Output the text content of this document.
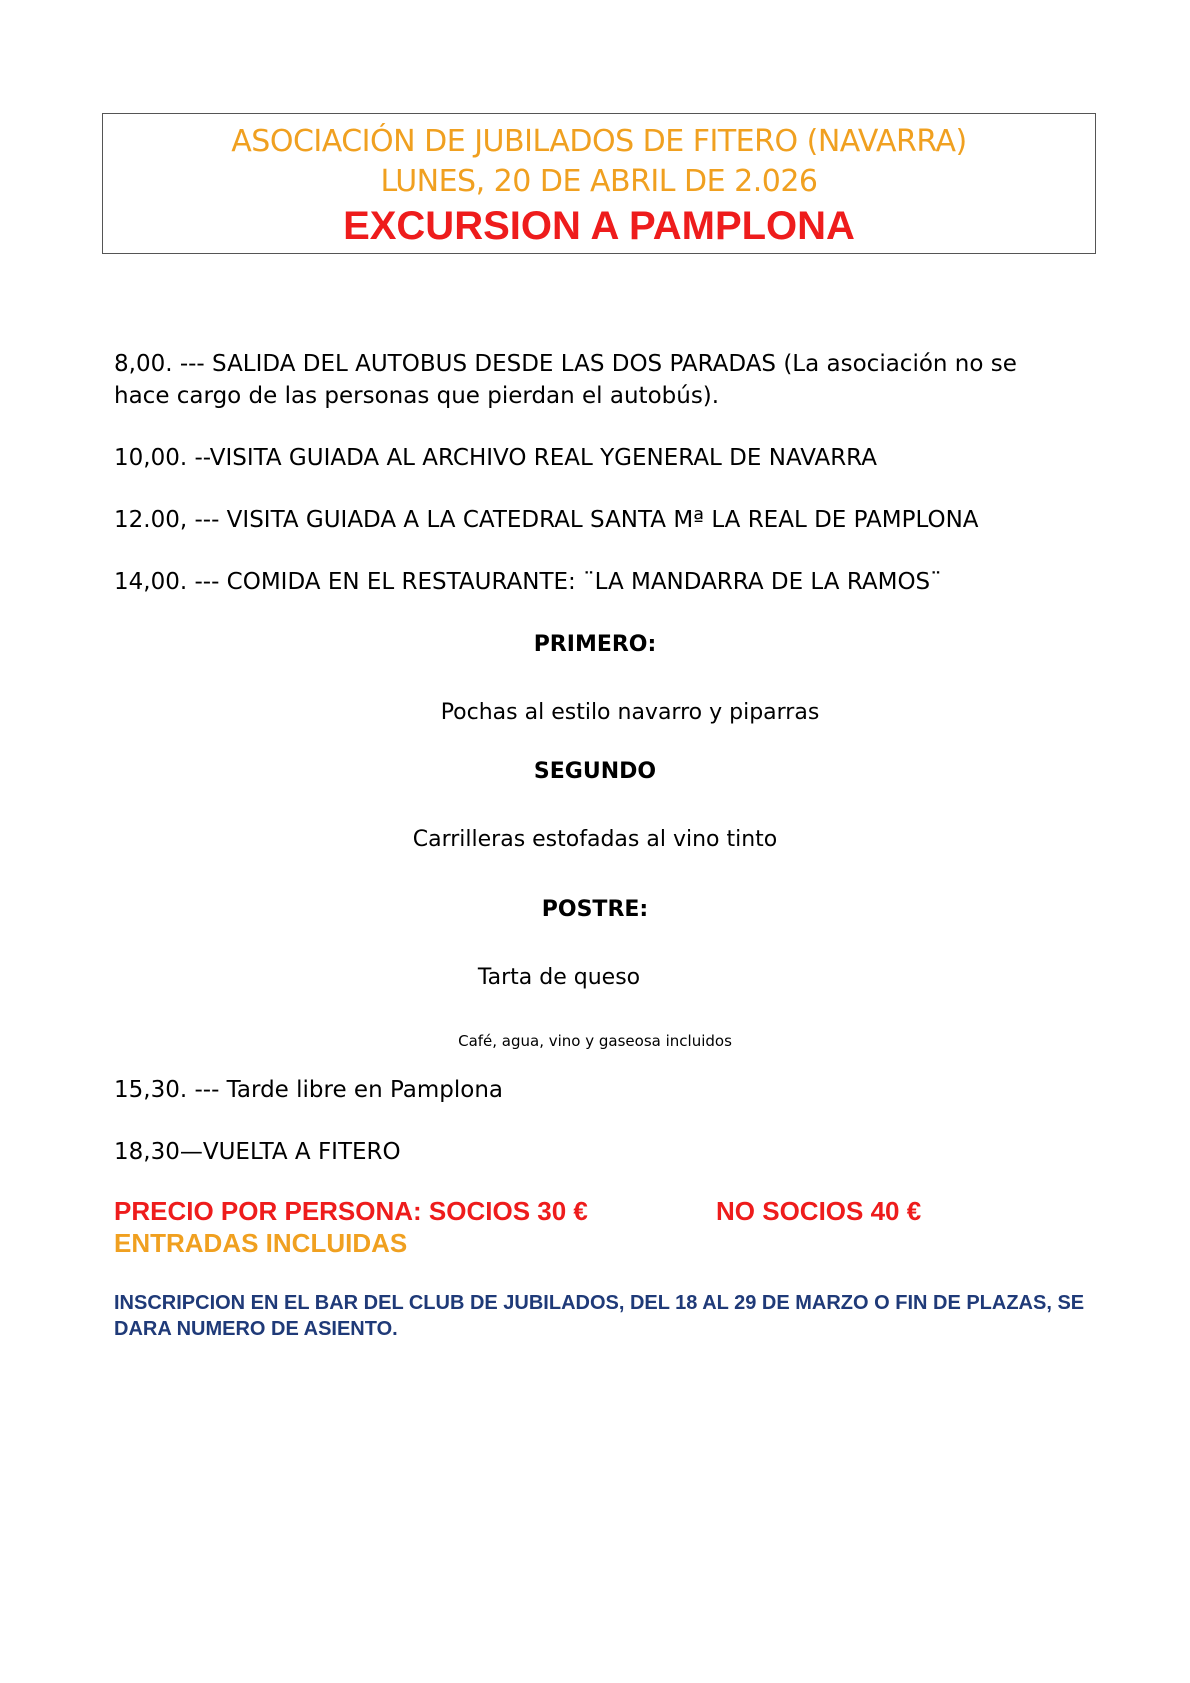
ASOCIACIÓN DE JUBILADOS DE FITERO (NAVARRA)
LUNES, 20 DE ABRIL DE 2.026
EXCURSION A PAMPLONA

8,00. --- SALIDA DEL AUTOBUS DESDE LAS DOS PARADAS (La asociación no se hace cargo de las personas que pierdan el autobús).

10,00. --VISITA GUIADA AL ARCHIVO REAL YGENERAL DE NAVARRA

12.00, --- VISITA GUIADA A LA CATEDRAL SANTA Mª LA REAL DE PAMPLONA

14,00. --- COMIDA EN EL RESTAURANTE: ¨LA MANDARRA DE LA RAMOS¨

PRIMERO:
Pochas al estilo navarro y piparras
SEGUNDO
Carrilleras estofadas al vino tinto
POSTRE:
Tarta de queso
Café, agua, vino y gaseosa incluidos

15,30. --- Tarde libre en Pamplona

18,30—VUELTA A FITERO

PRECIO POR PERSONA: SOCIOS 30 €	NO SOCIOS 40 €
ENTRADAS INCLUIDAS
INSCRIPCION EN EL BAR DEL CLUB DE JUBILADOS, DEL 18 AL 29 DE MARZO O FIN DE PLAZAS, SE DARA NUMERO DE ASIENTO.
